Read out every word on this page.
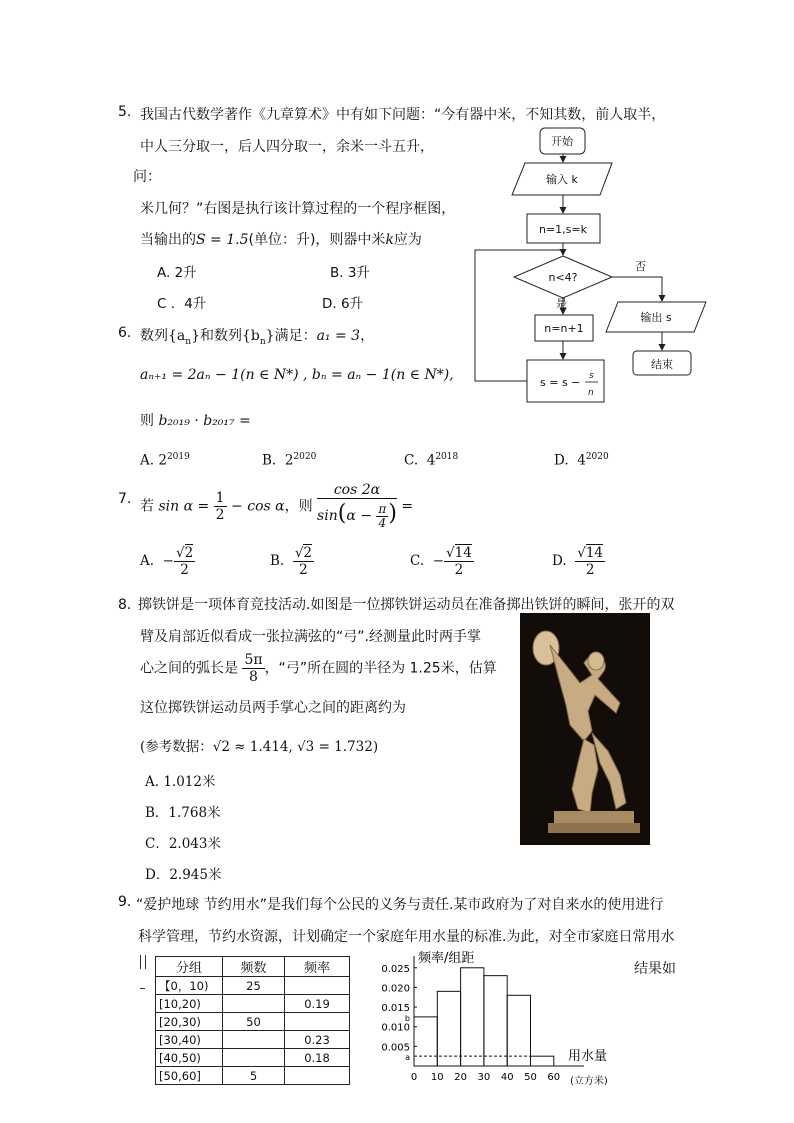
5. 我国古代数学著作《九章算术》中有如下问题：“今有器中米，不知其数，前人取半，
中人三分取一，后人四分取一，余米一斗五升，
问：
米几何？”右图是执行该计算过程的一个程序框图，
当输出的S = 1.5(单位：升)，则器中米k应为
A. 2升	B. 3升
C ．4升	D. 6升
开始
输入 k
n=1,s=k
n<4?
是
否
n=n+1
s = s − s
n
输出 s
结束
6. 数列$\{a_n\}$和数列$\{b_n\}$满足：a₁ = 3，
aₙ₊₁ = 2aₙ − 1(n ∈ N*) , bₙ = aₙ − 1(n ∈ N*),
则 b₂₀₁₉ · b₂₀₁₇ =
A. $2^{2019}$	B. $2^{2020}$	C. $4^{2018}$	D. $4^{2020}$
7. 若 $\sin \alpha = \frac{1}{2} - \cos \alpha$，则 $\frac{\cos 2\alpha}{\sin(\alpha - \frac{\pi}{4} )}$ =
A. − $\frac{√2}{2}$	B. $\frac{√2}{2}$	C. − $\frac{√14}{2}$	D. $\frac{√14}{2}$
8．
掷铁饼是一项体育竞技活动.如图是一位掷铁饼运动员在准备掷出铁饼的瞬间，张开的双
臂及肩部近似看成一张拉满弦的“弓”.经测量此时两手掌
心之间的弧长是 $\frac{5\pi}{8}$ ，“弓”所在圆的半径为 1.25米，估算
这位掷铁饼运动员两手掌心之间的距离约为
(参考数据：√2 ≈ 1.414, √3 = 1.732)
A. 1.012米
B．1.768米
C．2.043米
D．2.945米
9. “爱护地球 节约用水”是我们每个公民的义务与责任.某市政府为了对自来水的使用进行
科学管理，节约水资源，计划确定一个家庭年用水量的标准.为此，对全市家庭日常用水
结果如
分组	频数	频率
【0，10)	25	
[10,20)		0.19
[20,30)	50	
[30,40)		0.23
[40,50)		0.18
[50,60]	5	
频率/组距
用水量
(立方米)
0 10 20 30 40 50 60
0.025
0.020
0.015
0.010
0.005
b
a
